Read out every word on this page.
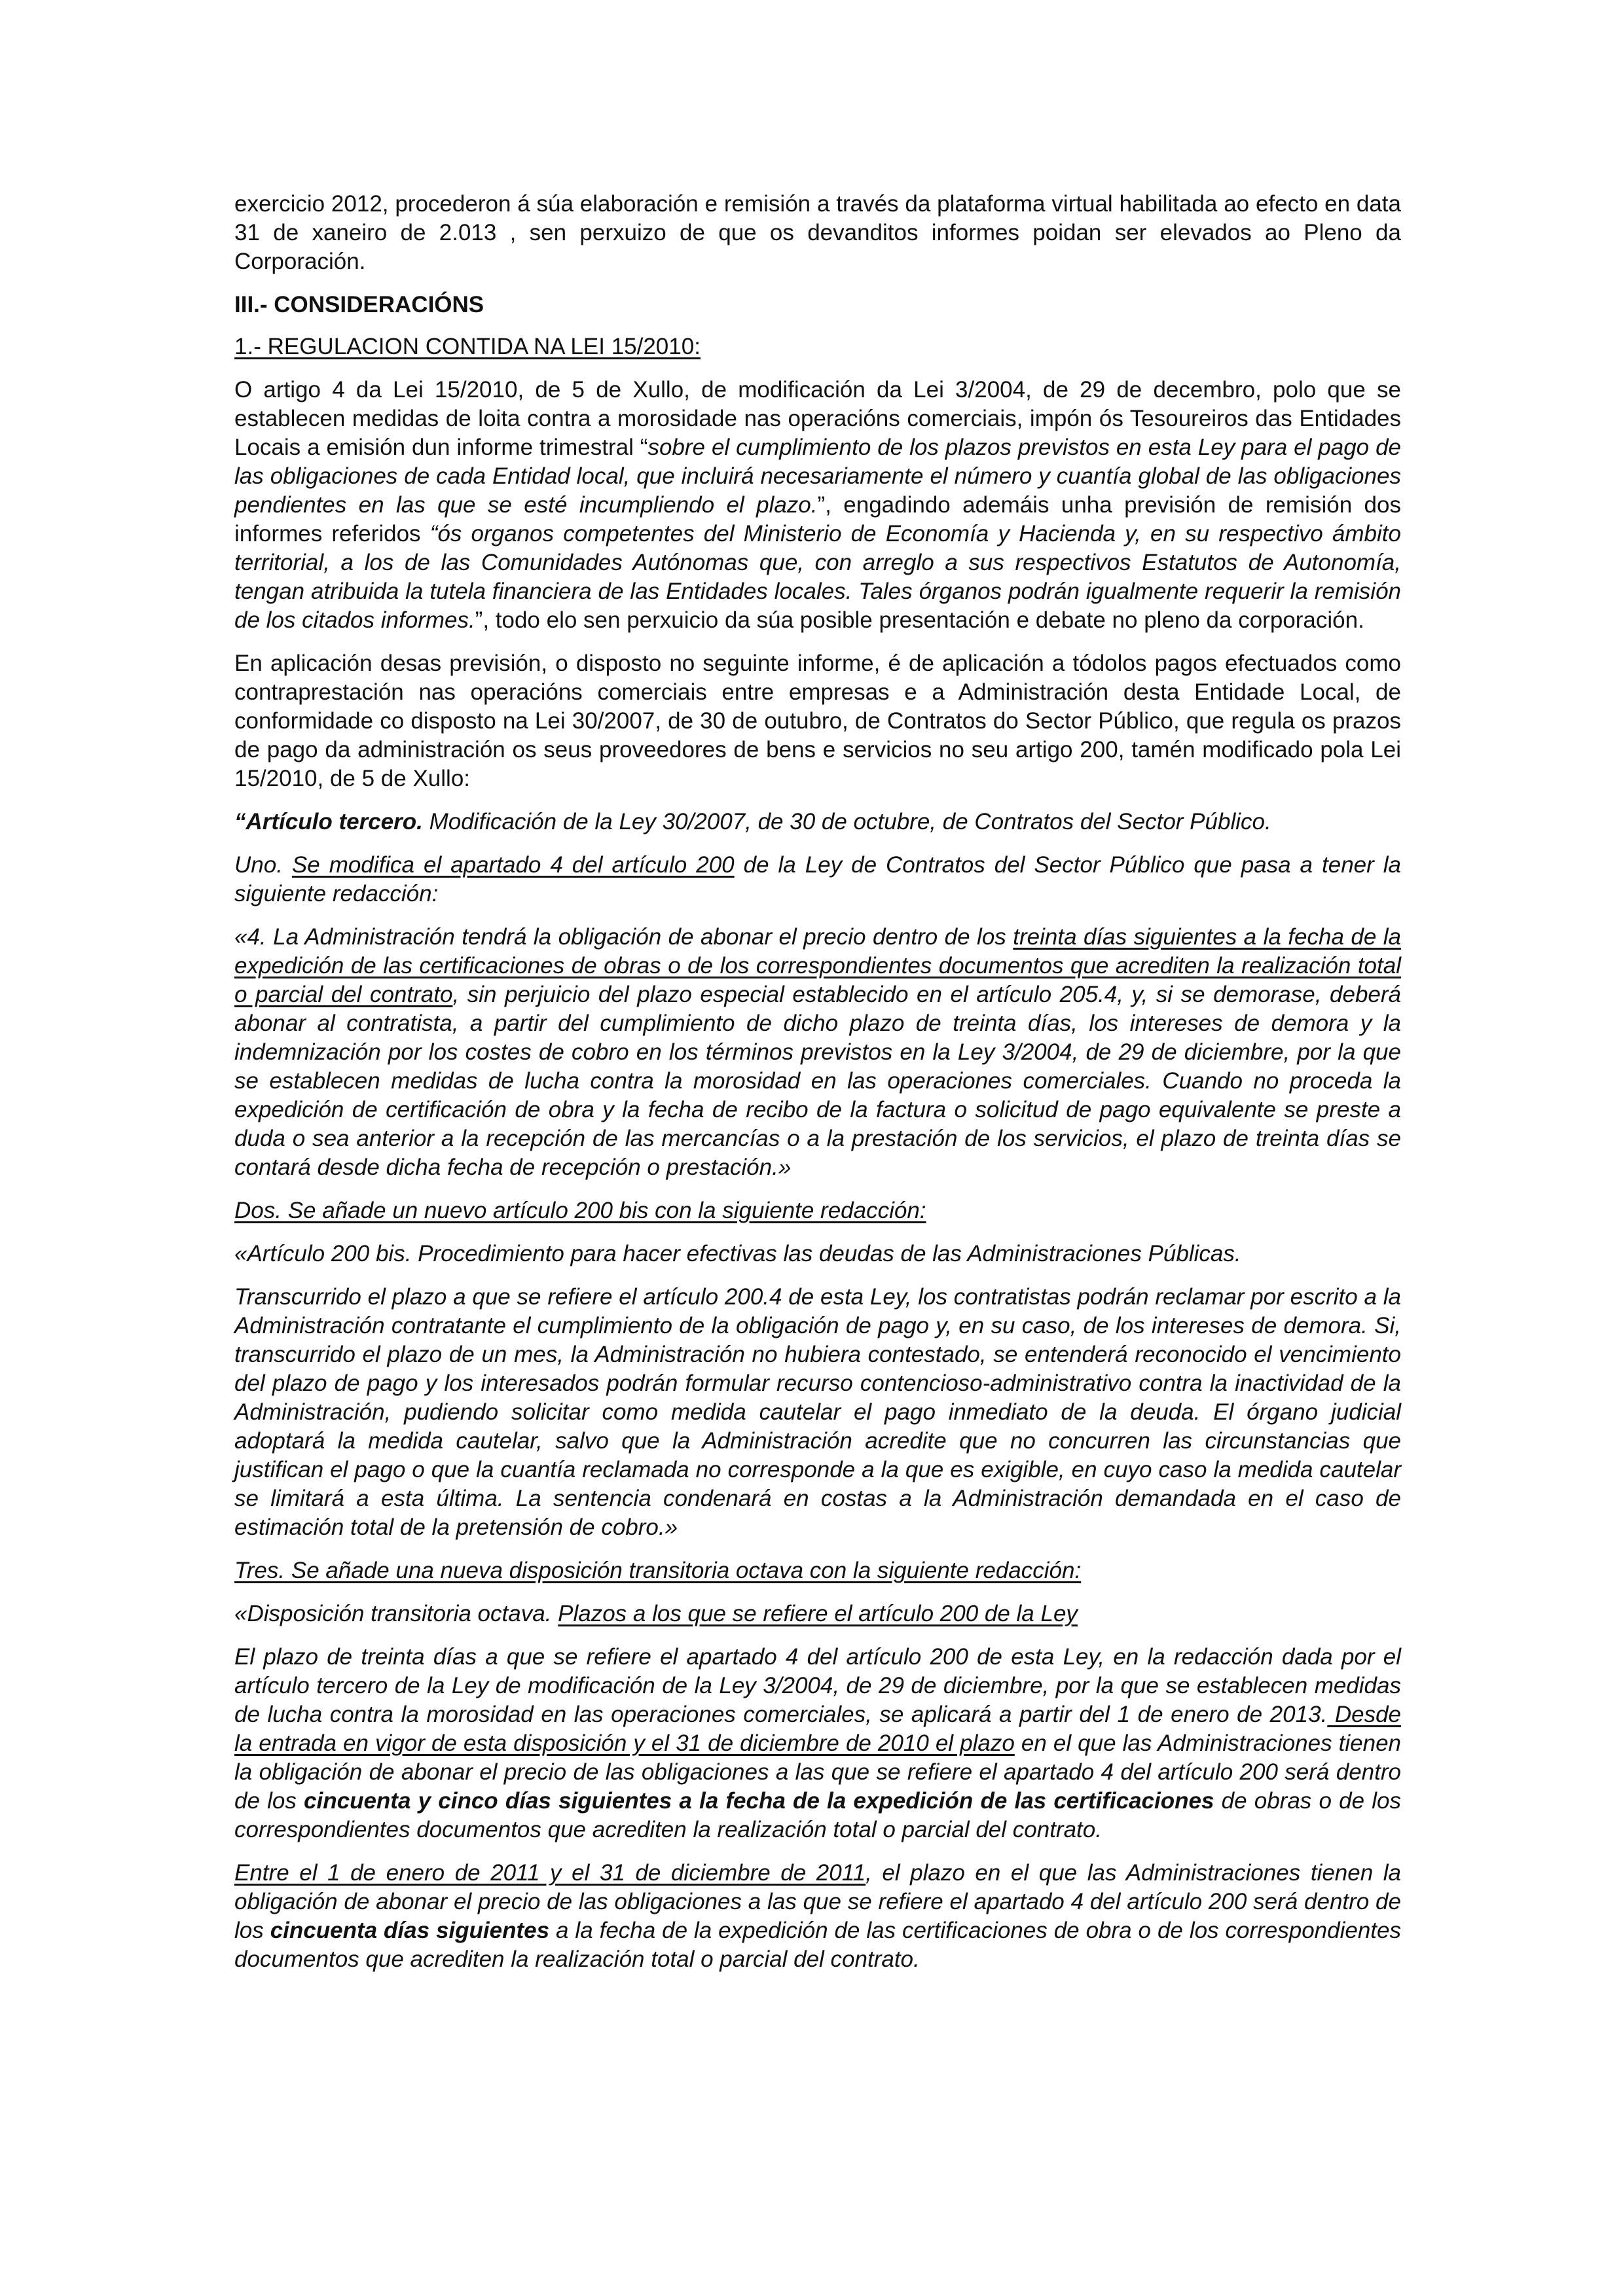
exercicio 2012, procederon á súa elaboración e remisión a través da plataforma virtual habilitada ao efecto en data 31 de xaneiro de 2.013 , sen perxuizo de que os devanditos informes poidan ser elevados ao Pleno da Corporación.

III.- CONSIDERACIÓNS

1.- REGULACION CONTIDA NA LEI 15/2010:

O artigo 4 da Lei 15/2010, de 5 de Xullo, de modificación da Lei 3/2004, de 29 de decembro, polo que se establecen medidas de loita contra a morosidade nas operacións comerciais, impón ós Tesoureiros das Entidades Locais a emisión dun informe trimestral “sobre el cumplimiento de los plazos previstos en esta Ley para el pago de las obligaciones de cada Entidad local, que incluirá necesariamente el número y cuantía global de las obligaciones pendientes en las que se esté incumpliendo el plazo.”, engadindo ademáis unha previsión de remisión dos informes referidos “ós organos competentes del Ministerio de Economía y Hacienda y, en su respectivo ámbito territorial, a los de las Comunidades Autónomas que, con arreglo a sus respectivos Estatutos de Autonomía, tengan atribuida la tutela financiera de las Entidades locales. Tales órganos podrán igualmente requerir la remisión de los citados informes.”, todo elo sen perxuicio da súa posible presentación e debate no pleno da corporación.

En aplicación desas previsión, o disposto no seguinte informe, é de aplicación a tódolos pagos efectuados como contraprestación nas operacións comerciais entre empresas e a Administración desta Entidade Local, de conformidade co disposto na Lei 30/2007, de 30 de outubro, de Contratos do Sector Público, que regula os prazos de pago da administración os seus proveedores de bens e servicios no seu artigo 200, tamén modificado pola Lei 15/2010, de 5 de Xullo:

“Artículo tercero. Modificación de la Ley 30/2007, de 30 de octubre, de Contratos del Sector Público.

Uno. Se modifica el apartado 4 del artículo 200 de la Ley de Contratos del Sector Público que pasa a tener la siguiente redacción:

«4. La Administración tendrá la obligación de abonar el precio dentro de los treinta días siguientes a la fecha de la expedición de las certificaciones de obras o de los correspondientes documentos que acrediten la realización total o parcial del contrato, sin perjuicio del plazo especial establecido en el artículo 205.4, y, si se demorase, deberá abonar al contratista, a partir del cumplimiento de dicho plazo de treinta días, los intereses de demora y la indemnización por los costes de cobro en los términos previstos en la Ley 3/2004, de 29 de diciembre, por la que se establecen medidas de lucha contra la morosidad en las operaciones comerciales. Cuando no proceda la expedición de certificación de obra y la fecha de recibo de la factura o solicitud de pago equivalente se preste a duda o sea anterior a la recepción de las mercancías o a la prestación de los servicios, el plazo de treinta días se contará desde dicha fecha de recepción o prestación.»

Dos. Se añade un nuevo artículo 200 bis con la siguiente redacción:

«Artículo 200 bis. Procedimiento para hacer efectivas las deudas de las Administraciones Públicas.

Transcurrido el plazo a que se refiere el artículo 200.4 de esta Ley, los contratistas podrán reclamar por escrito a la Administración contratante el cumplimiento de la obligación de pago y, en su caso, de los intereses de demora. Si, transcurrido el plazo de un mes, la Administración no hubiera contestado, se entenderá reconocido el vencimiento del plazo de pago y los interesados podrán formular recurso contencioso-administrativo contra la inactividad de la Administración, pudiendo solicitar como medida cautelar el pago inmediato de la deuda. El órgano judicial adoptará la medida cautelar, salvo que la Administración acredite que no concurren las circunstancias que justifican el pago o que la cuantía reclamada no corresponde a la que es exigible, en cuyo caso la medida cautelar se limitará a esta última. La sentencia condenará en costas a la Administración demandada en el caso de estimación total de la pretensión de cobro.»

Tres. Se añade una nueva disposición transitoria octava con la siguiente redacción:

«Disposición transitoria octava. Plazos a los que se refiere el artículo 200 de la Ley

El plazo de treinta días a que se refiere el apartado 4 del artículo 200 de esta Ley, en la redacción dada por el artículo tercero de la Ley de modificación de la Ley 3/2004, de 29 de diciembre, por la que se establecen medidas de lucha contra la morosidad en las operaciones comerciales, se aplicará a partir del 1 de enero de 2013. Desde la entrada en vigor de esta disposición y el 31 de diciembre de 2010 el plazo en el que las Administraciones tienen la obligación de abonar el precio de las obligaciones a las que se refiere el apartado 4 del artículo 200 será dentro de los cincuenta y cinco días siguientes a la fecha de la expedición de las certificaciones de obras o de los correspondientes documentos que acrediten la realización total o parcial del contrato.

Entre el 1 de enero de 2011 y el 31 de diciembre de 2011, el plazo en el que las Administraciones tienen la obligación de abonar el precio de las obligaciones a las que se refiere el apartado 4 del artículo 200 será dentro de los cincuenta días siguientes a la fecha de la expedición de las certificaciones de obra o de los correspondientes documentos que acrediten la realización total o parcial del contrato.
